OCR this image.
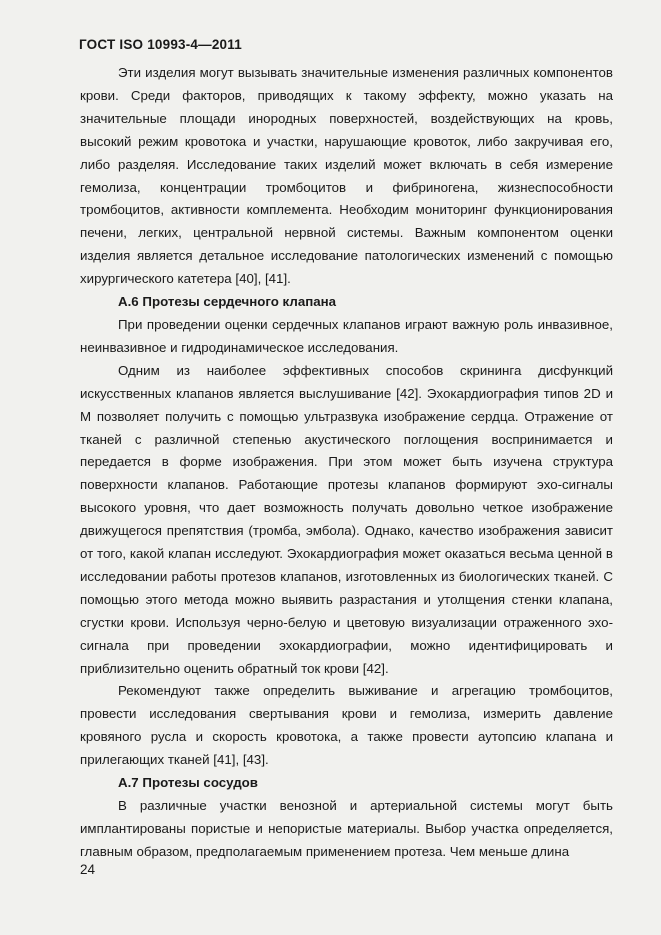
ГОСТ ISO 10993-4—2011

Эти изделия могут вызывать значительные изменения различных компонентов крови. Среди факторов, приводящих к такому эффекту, можно указать на значительные площади инородных поверхностей, воздействующих на кровь, высокий режим кровотока и участки, нарушающие кровоток, либо закручивая его, либо разделяя. Исследование таких изделий может включать в себя измерение гемолиза, концентрации тромбоцитов и фибриногена, жизнеспособности тромбоцитов, активности комплемента. Необходим мониторинг функционирования печени, легких, центральной нервной системы. Важным компонентом оценки изделия является детальное исследование патологических изменений с помощью хирургического катетера [40], [41].

А.6 Протезы сердечного клапана

При проведении оценки сердечных клапанов играют важную роль инвазивное, неинвазивное и гидродинамическое исследования.

Одним из наиболее эффективных способов скрининга дисфункций искусственных клапанов является выслушивание [42]. Эхокардиография типов 2D и M позволяет получить с помощью ультразвука изображение сердца. Отражение от тканей с различной степенью акустического поглощения воспринимается и передается в форме изображения. При этом может быть изучена структура поверхности клапанов. Работающие протезы клапанов формируют эхо-сигналы высокого уровня, что дает возможность получать довольно четкое изображение движущегося препятствия (тромба, эмбола). Однако, качество изображения зависит от того, какой клапан исследуют. Эхокардиография может оказаться весьма ценной в исследовании работы протезов клапанов, изготовленных из биологических тканей. С помощью этого метода можно выявить разрастания и утолщения стенки клапана, сгустки крови. Используя черно-белую и цветовую визуализации отраженного эхо-сигнала при проведении эхокардиографии, можно идентифицировать и приблизительно оценить обратный ток крови [42].

Рекомендуют также определить выживание и агрегацию тромбоцитов, провести исследования свертывания крови и гемолиза, измерить давление кровяного русла и скорость кровотока, а также провести аутопсию клапана и прилегающих тканей [41], [43].

А.7 Протезы сосудов

В различные участки венозной и артериальной системы могут быть имплантированы пористые и непористые материалы. Выбор участка определяется, главным образом, предполагаемым применением протеза. Чем меньше длина

24
